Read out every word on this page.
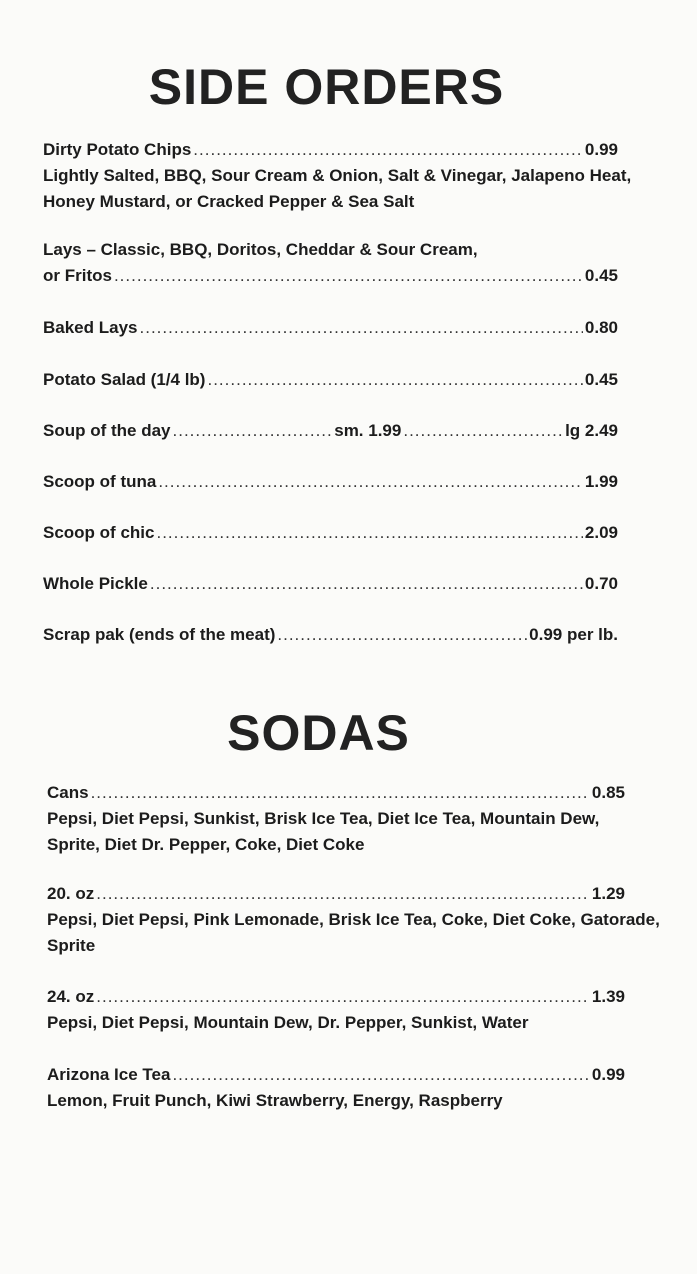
SIDE ORDERS
Dirty Potato Chips .....	0.99
Lightly Salted, BBQ, Sour Cream & Onion, Salt & Vinegar, Jalapeno Heat, Honey Mustard, or Cracked Pepper & Sea Salt
Lays – Classic, BBQ, Doritos, Cheddar & Sour Cream,
or Fritos .....	0.45
Baked Lays .....	0.80
Potato Salad (1/4 lb) .....	0.45
Soup of the day .....	sm. 1.99 .....	lg 2.49
Scoop of tuna .....	1.99
Scoop of chic .....	2.09
Whole Pickle .....	0.70
Scrap pak (ends of the meat) .....	0.99 per lb.
SODAS
Cans .....	0.85
Pepsi, Diet Pepsi, Sunkist, Brisk Ice Tea, Diet Ice Tea, Mountain Dew, Sprite, Diet Dr. Pepper, Coke, Diet Coke
20. oz .....	1.29
Pepsi, Diet Pepsi, Pink Lemonade, Brisk Ice Tea, Coke, Diet Coke, Gatorade, Sprite
24. oz .....	1.39
Pepsi, Diet Pepsi, Mountain Dew, Dr. Pepper, Sunkist, Water
Arizona Ice Tea .....	0.99
Lemon, Fruit Punch, Kiwi Strawberry, Energy, Raspberry
